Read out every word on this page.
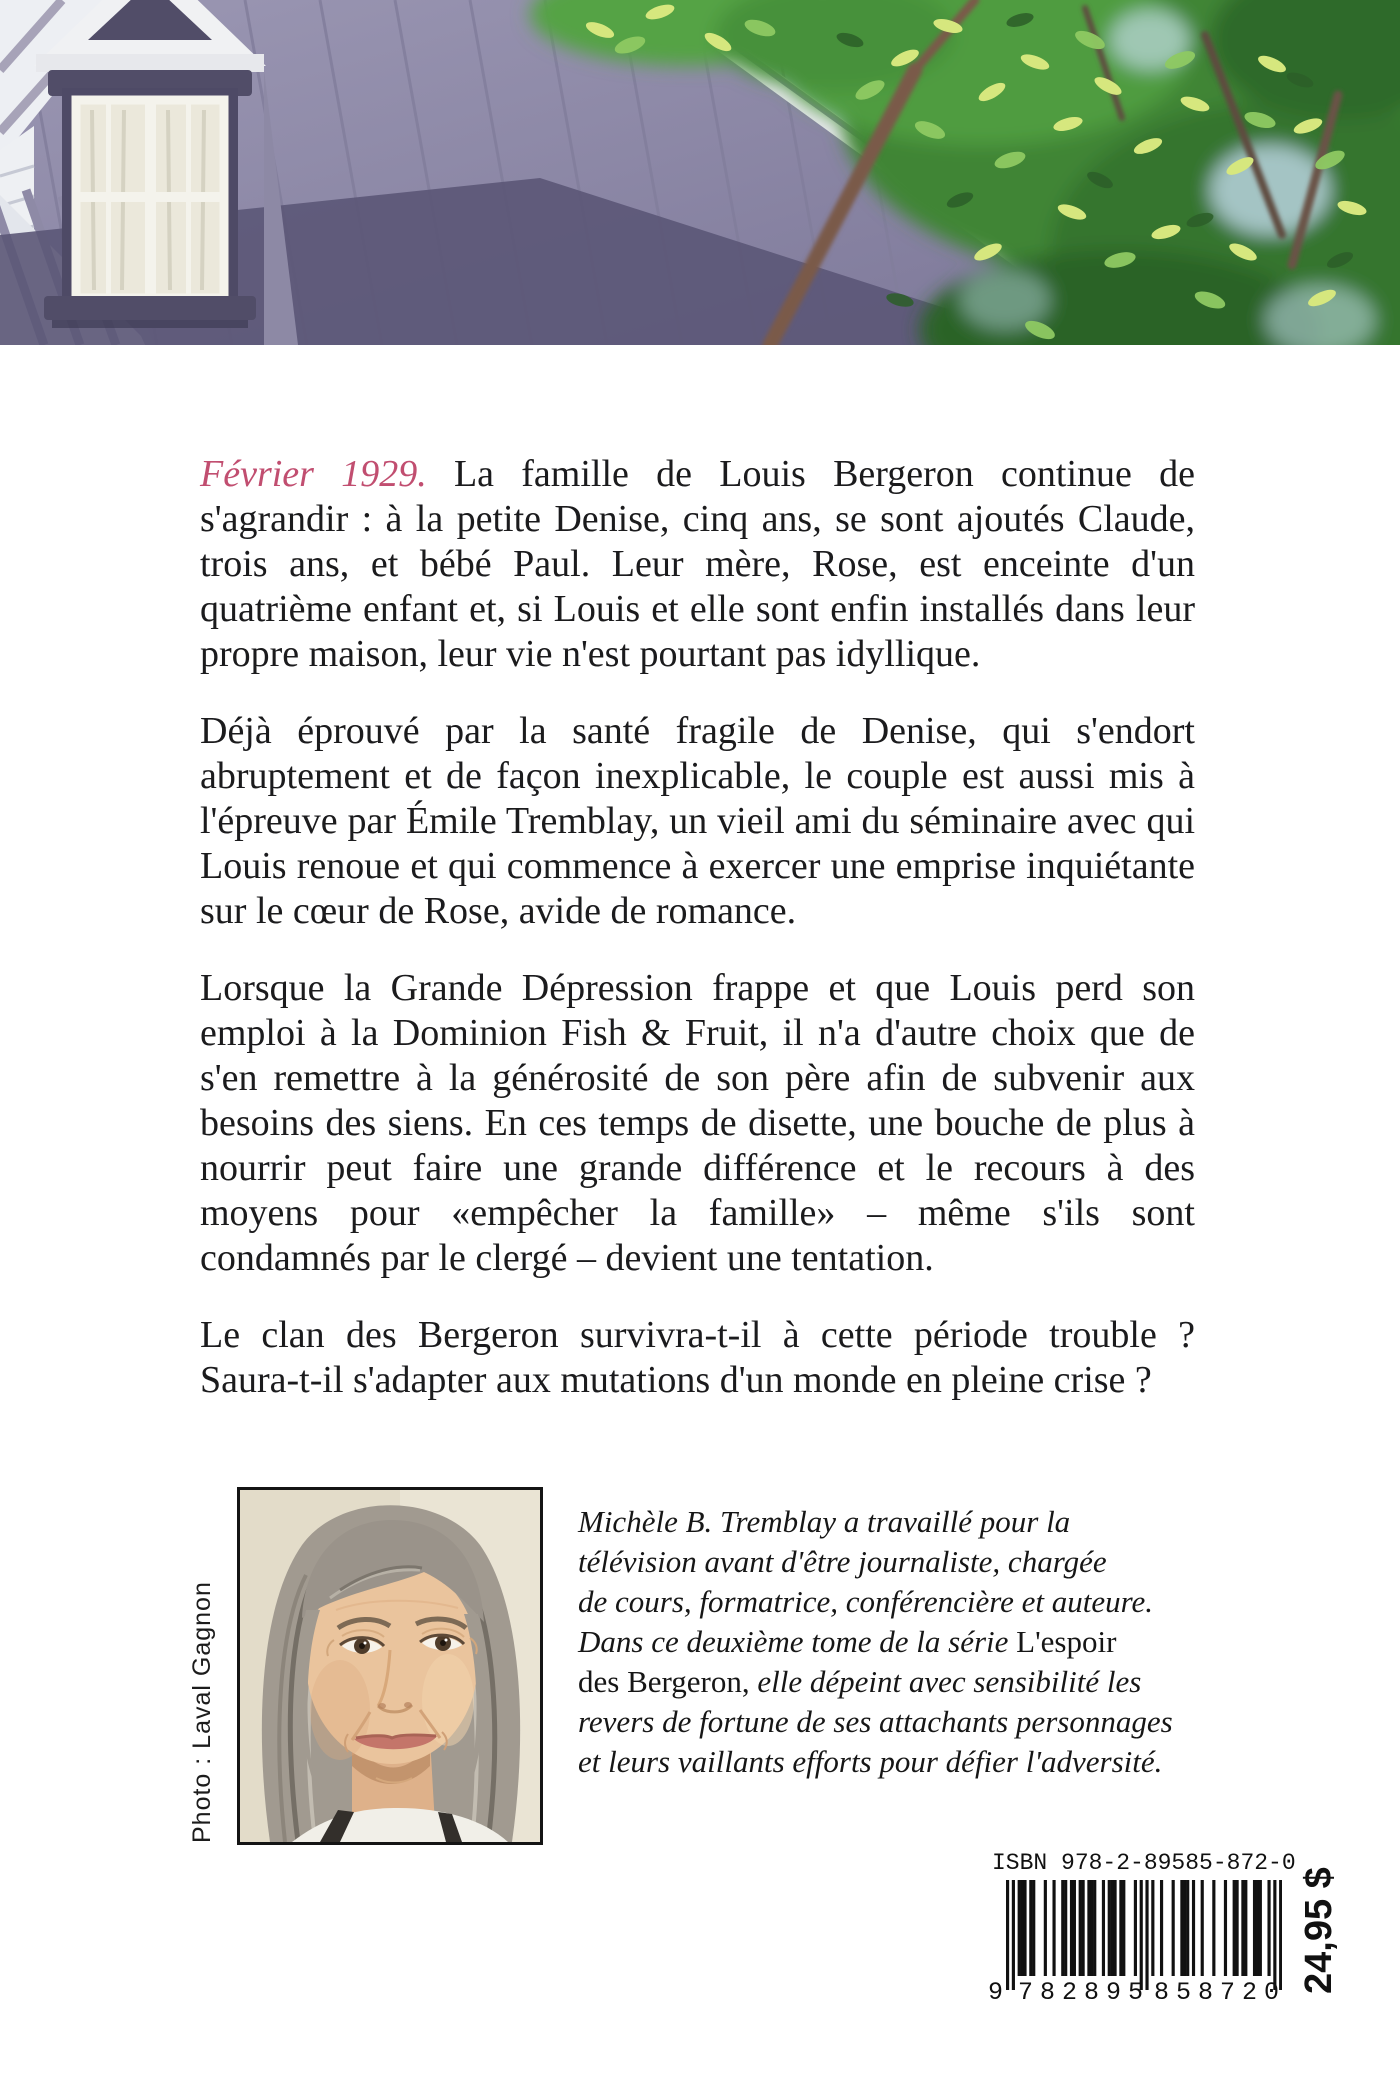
Février 1929. La famille de Louis Bergeron continue de s'agrandir : à la petite Denise, cinq ans, se sont ajoutés Claude, trois ans, et bébé Paul. Leur mère, Rose, est enceinte d'un quatrième enfant et, si Louis et elle sont enfin installés dans leur propre maison, leur vie n'est pourtant pas idyllique.

Déjà éprouvé par la santé fragile de Denise, qui s'endort abruptement et de façon inexplicable, le couple est aussi mis à l'épreuve par Émile Tremblay, un vieil ami du séminaire avec qui Louis renoue et qui commence à exercer une emprise inquiétante sur le cœur de Rose, avide de romance.

Lorsque la Grande Dépression frappe et que Louis perd son emploi à la Dominion Fish & Fruit, il n'a d'autre choix que de s'en remettre à la générosité de son père afin de subvenir aux besoins des siens. En ces temps de disette, une bouche de plus à nourrir peut faire une grande différence et le recours à des moyens pour «empêcher la famille» – même s'ils sont condamnés par le clergé – devient une tentation.

Le clan des Bergeron survivra-t-il à cette période trouble ? Saura-t-il s'adapter aux mutations d'un monde en pleine crise ?

Photo : Laval Gagnon
Michèle B. Tremblay a travaillé pour la
télévision avant d'être journaliste, chargée
de cours, formatrice, conférencière et auteure.
Dans ce deuxième tome de la série L'espoir
des Bergeron, elle dépeint avec sensibilité les
revers de fortune de ses attachants personnages
et leurs vaillants efforts pour défier l'adversité.
ISBN 978-2-89585-872-0
9 782895 858720 24,95 $
